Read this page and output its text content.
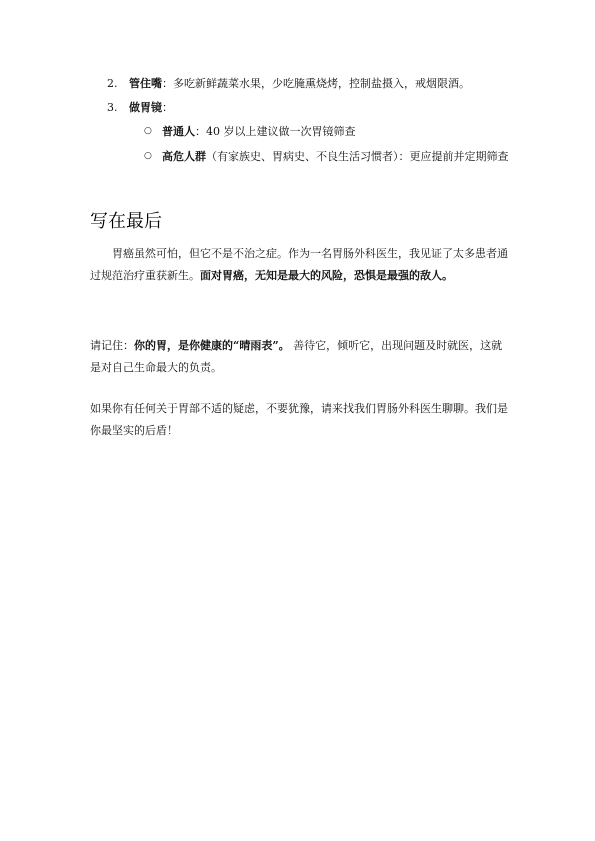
2. 管住嘴：多吃新鲜蔬菜水果，少吃腌熏烧烤，控制盐摄入，戒烟限酒。
3. 做胃镜：
○ 普通人：40 岁以上建议做一次胃镜筛查
○ 高危人群（有家族史、胃病史、不良生活习惯者）：更应提前并定期筛查
写在最后
胃癌虽然可怕，但它不是不治之症。作为一名胃肠外科医生，我见证了太多患者通过规范治疗重获新生。面对胃癌，无知是最大的风险，恐惧是最强的敌人。
请记住：你的胃，是你健康的“晴雨表”。 善待它，倾听它，出现问题及时就医，这就是对自己生命最大的负责。
如果你有任何关于胃部不适的疑虑，不要犹豫，请来找我们胃肠外科医生聊聊。我们是你最坚实的后盾！
